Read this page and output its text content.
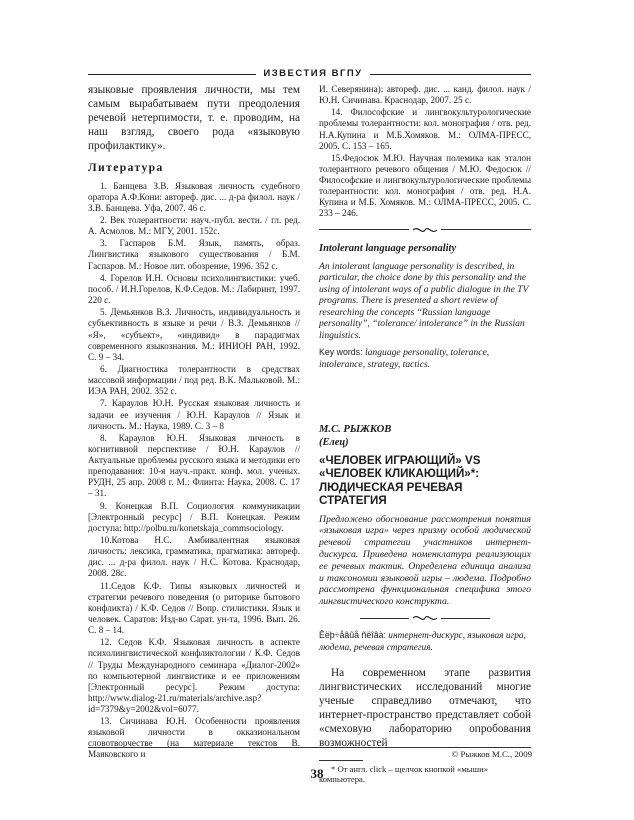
ИЗВЕСТИЯ ВГПУ

языковые проявления личности, мы тем самым вырабатываем пути преодоления речевой нетерпимости, т. е. проводим, на наш взгляд, своего рода «языковую профилактику».

Литература

1. Банщева З.В. Языковая личность судебного оратора А.Ф.Кони: автореф. дис. ... д-ра филол. наук / З.В. Банщева. Уфа, 2007. 46 с.

2. Век толерантности: науч.-публ. вестн. / гл. ред. А. Асмолов. М.: МГУ, 2001. 152с.

3. Гаспаров Б.М. Язык, память, образ. Лингвистика языкового существования / Б.М. Гаспаров. М.: Новое лит. обозрение, 1996. 352 с.

4. Горелов И.Н. Основы психолингвистики: учеб. пособ. / И.Н.Горелов, К.Ф.Седов. М.: Лабиринт, 1997. 220 с.

5. Демьянков В.З. Личность, индивидуальность и субъективность в языке и речи / В.З. Демьянков // «Я», «субъект», «индивид» в парадигмах современного языкознания. М.: ИНИОН РАН, 1992. С. 9 – 34.

6. Диагностика толерантности в средствах массовой информации / под ред. В.К. Мальковой. М.: ИЭА РАН, 2002. 352 с.

7. Караулов Ю.Н. Русская языковая личность и задачи ее изучения / Ю.Н. Караулов // Язык и личность. М.: Наука, 1989. С. 3 – 8

8. Караулов Ю.Н. Языковая личность в когнитивной перспективе / Ю.Н. Караулов // Актуальные проблемы русского языка и методики его преподавания: 10-я науч.-практ. конф. мол. ученых. РУДН, 25 апр. 2008 г. М.: Флинта: Наука, 2008. С. 17 – 31.

9. Конецкая В.П. Социология коммуникации [Электронный ресурс] / В.П. Конецкая. Режим доступа: http://polbu.ru/konetskaja_commsociology.

10.Котова Н.С. Амбивалентная языковая личность: лексика, грамматика, прагматика: автореф. дис. ... д-ра филол. наук / Н.С. Котова. Краснодар, 2008. 28с.

11.Седов К.Ф. Типы языковых личностей и стратегии речевого поведения (о риторике бытового конфликта) / К.Ф. Седов // Вопр. стилистики. Язык и человек. Саратов: Изд-во Сарат. ун-та, 1996. Вып. 26. С. 8 – 14.

12. Седов К.Ф. Языковая личность в аспекте психолингвистической конфликтологии / К.Ф. Седов // Труды Международного семинара «Диалог-2002» по компьютерной лингвистике и ее приложениям [Электронный ресурс]. Режим доступа: http://www.dialog-21.ru/materials/archive.asp?id=7379&y=2002&vol=6077.

13. Сичинава Ю.Н. Особенности проявления языковой личности в окказиональном словотворчестве (на материале текстов В. Маяковского и

И. Северянина): автореф. дис. ... канд. филол. наук / Ю.Н. Сичинава. Краснодар, 2007. 25 с.

14. Философские и лингвокультурологические проблемы толерантности: кол. монография / отв. ред. Н.А.Купина и М.Б.Хомяков. М.: ОЛМА-ПРЕСС, 2005. С. 153 – 165.

15.Федосюк М.Ю. Научная полемика как эталон толерантного речевого общения / М.Ю. Федосюк // Философские и лингвокультурологические проблемы толерантности: кол. монография / отв. ред. Н.А. Купина и М.Б. Хомяков. М.: ОЛМА-ПРЕСС, 2005. С. 233 – 246.

Intolerant language personality

An intolerant language personality is described, in particular, the choice done by this personality and the using of intolerant ways of a public dialogue in the TV programs. There is presented a short review of researching the concepts “Russian language personality”, “tolerance/ intolerance” in the Russian linguistics.

Key words: language personality, tolerance, intolerance, strategy, tactics.

М.С. РЫЖКОВ
(Елец)
«ЧЕЛОВЕК ИГРАЮЩИЙ» VS «ЧЕЛОВЕК КЛИКАЮЩИЙ»*: ЛЮДИЧЕСКАЯ РЕЧЕВАЯ СТРАТЕГИЯ

Предложено обоснование рассмотрения понятия «языковая игра» через призму особой людической речевой стратегии участников интернет-дискурса. Приведена номенклатура реализующих ее речевых тактик. Определена единица анализа и таксономии языковой игры – людема. Подробно рассмотрена функциональная специфика этого лингвистического конструкта.

Êëþ÷åâûå ñëîâà: интернет-дискурс, языковая игра, людема, речевая стратегия.

На современном этапе развития лингвистических исследований многие ученые справедливо отмечают, что интернет-пространство представляет собой «смеховую лабораторию опробования возможностей

* От англ. click – щелчок кнопкой «мыши» компьютера.

© Рыжков М.С., 2009
38
